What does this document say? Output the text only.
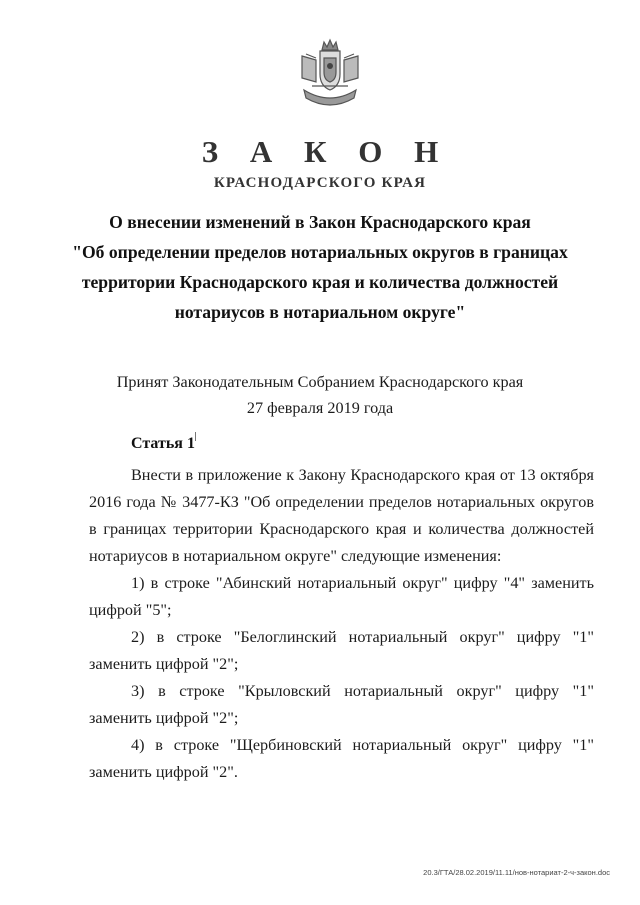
З А К О Н
КРАСНОДАРСКОГО КРАЯ
О внесении изменений в Закон Краснодарского края
"Об определении пределов нотариальных округов в границах
территории Краснодарского края и количества должностей
нотариусов в нотариальном округе"
Принят Законодательным Собранием Краснодарского края
27 февраля 2019 года
Статья 1

Внести в приложение к Закону Краснодарского края от 13 октября 2016 года № 3477-КЗ "Об определении пределов нотариальных округов в границах территории Краснодарского края и количества должностей нотариусов в нотариальном округе" следующие изменения:

1) в строке "Абинский нотариальный округ" цифру "4" заменить цифрой "5";

2) в строке "Белоглинский нотариальный округ" цифру "1" заменить цифрой "2";

3) в строке "Крыловский нотариальный округ" цифру "1" заменить цифрой "2";

4) в строке "Щербиновский нотариальный округ" цифру "1" заменить цифрой "2".

20.3/ГТА/28.02.2019/11.11/нов-нотариат-2-ч-закон.doc
